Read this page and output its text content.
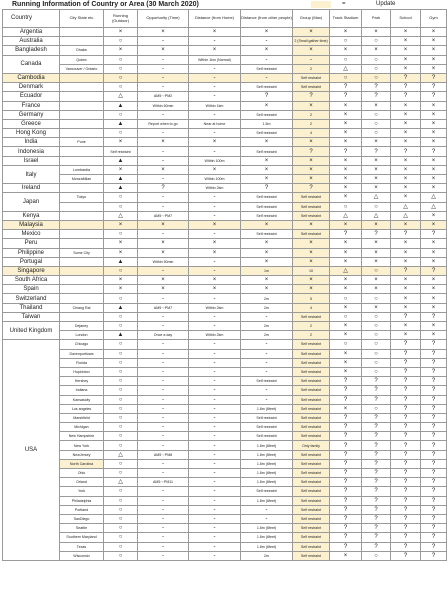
Running Information of Country or Area (30 March 2020)	=	Update
Country	City State etc	Running (Outdoor)	Opportunity (Time)	Distance (from Home)	Distance (from other people)	Group (Max)	Track Stadium	Park	School	Gym
Argentia		×	×	×	×	×	×	×	×	×
Australia		○	-	-	-	2 (Small gather time)	○	○	×	×
Bangladesh	Dhaka	×	×	×	×	×	×	×	×	×
Canada	Qubec	○	-	Within 1km (Normal)	-	-	○	○	×	×
	Vancouver / Ontario	○	-	-	Self restraint	2	△	○	×	×
Cambodia		○	-	-	-	Self restraint	○	○	?	?
Denmark		○	-	-	Self restraint	Self restraint	?	?	?	?
Ecuador		△	AM5～PM2	-	?	?	?	?	?	?
France		▲	Within 60min	Within 1km	×	×	×	×	×	×
Germany		○	-	-	Self restraint	2	×	○	×	×
Greece		▲	Report when to go	Near at home	1.5m	2	×	○	×	×
Hong Kong		○	-	-	Self restraint	4	×	○	×	×
India	Pune	×	×	×	×	×	×	×	×	×
Indonesia		Self restraint	-	-	Self restraint	?	?	?	?	?
Israel		▲	-	Within 100m	×	×	×	×	×	×
Italy	Lombardia	×	×	×	×	×	×	×	×	×
	MonzaMilan	▲	-	Within 100m	×	×	×	×	×	×
Ireland		▲	?	Within 2km	?	?	×	×	×	×
Japan	Tokyo	○	-	-	Self restraint	Self restraint	×	△	×	△
		○	-	-	Self restraint	Self restraint	○	○	△	△
Kenya		△	AM5～PM7	-	Self restraint	Self restraint	△	△	△	×
Malaysia		×	×	×	×	×	×	×	×	×
Mexico		○	-	-	Self restraint	Self restraint	?	?	?	?
Peru		×	×	×	×	×	×	×	×	×
Philippine	Some City	×	×	×	×	×	×	×	×	×
Portugal		▲	Within 50min	-	×	×	×	×	×	×
Singapore		○	-	-	1m	10	△	○	?	?
South Africa		×	×	×	×	×	×	×	×	×
Spain		×	×	×	×	×	×	×	×	×
Switzerland		○	-	-	2m	5	○	○	×	×
Thailand	Chiang Rai	▲	AM5～PM7	Within 2km	2m	4	×	×	×	×
Taiwan		○	-	-	-	Self restraint	○	○	?	?
United Kingdom	Dejaney	○	-	-	2m	2	×	○	×	×
	London	▲	Once a day	Within 2km	2m	2	×	○	×	×
USA	Chicago	○	-	-	-	Self restraint	○	○	?	?
	Davenportlowa	○	-	-	-	Self restraint	×	○	?	?
	Florida	○	-	-	-	Self restraint	×	○	?	?
	Hopkinton	○	-	-	-	Self restraint	×	○	?	?
	Hershey	○	-	-	Self restraint	Self restraint	?	?	?	?
	Indiana	○	-	-	-	Self restraint	?	?	?	?
	Kansascity	○	-	-	-	Self restraint	?	?	?	?
	Los angeles	○	-	-	1.8m (6feet)	Self restraint	×	○	?	?
	Marshfield	○	-	-	Self restraint	Self restraint	?	?	?	?
	Michigan	○	-	-	Self restraint	Self restraint	?	?	?	?
	New Hampshire	○	-	-	Self restraint	Self restraint	?	?	?	?
	New York	○	-	-	1.8m (6feet)	Only family	?	?	?	?
	NewJersey	△	AM5～PM8	-	1.8m (6feet)	Self restraint	?	?	?	?
	North Carolina	○	-	-	1.8m (6feet)	Self restraint	?	?	?	?
	Ohio	○	-	-	1.8m (6feet)	Self restraint	?	?	?	?
	Orland	△	AM5～PM11	-	1.8m (6feet)	Self restraint	?	?	?	?
	York	○	-	-	Self restraint	Self restraint	?	?	?	?
	Philadelphia	○	-	-	1.8m (6feet)	Self restraint	?	?	?	?
	Portland	○	-	-	-	Self restraint	?	?	?	?
	SanDiego	○	-	-	-	Self restraint	?	?	?	?
	Seattle	○	-	-	1.8m (6feet)	Self restraint	?	?	?	?
	Southern Maryland	○	-	-	1.8m (6feet)	Self restraint	?	?	?	?
	Texas	○	-	-	1.8m (6feet)	Self restraint	?	?	?	?
	Wisconsin	○	-	-	2m	Self restraint	×	○	?	?
